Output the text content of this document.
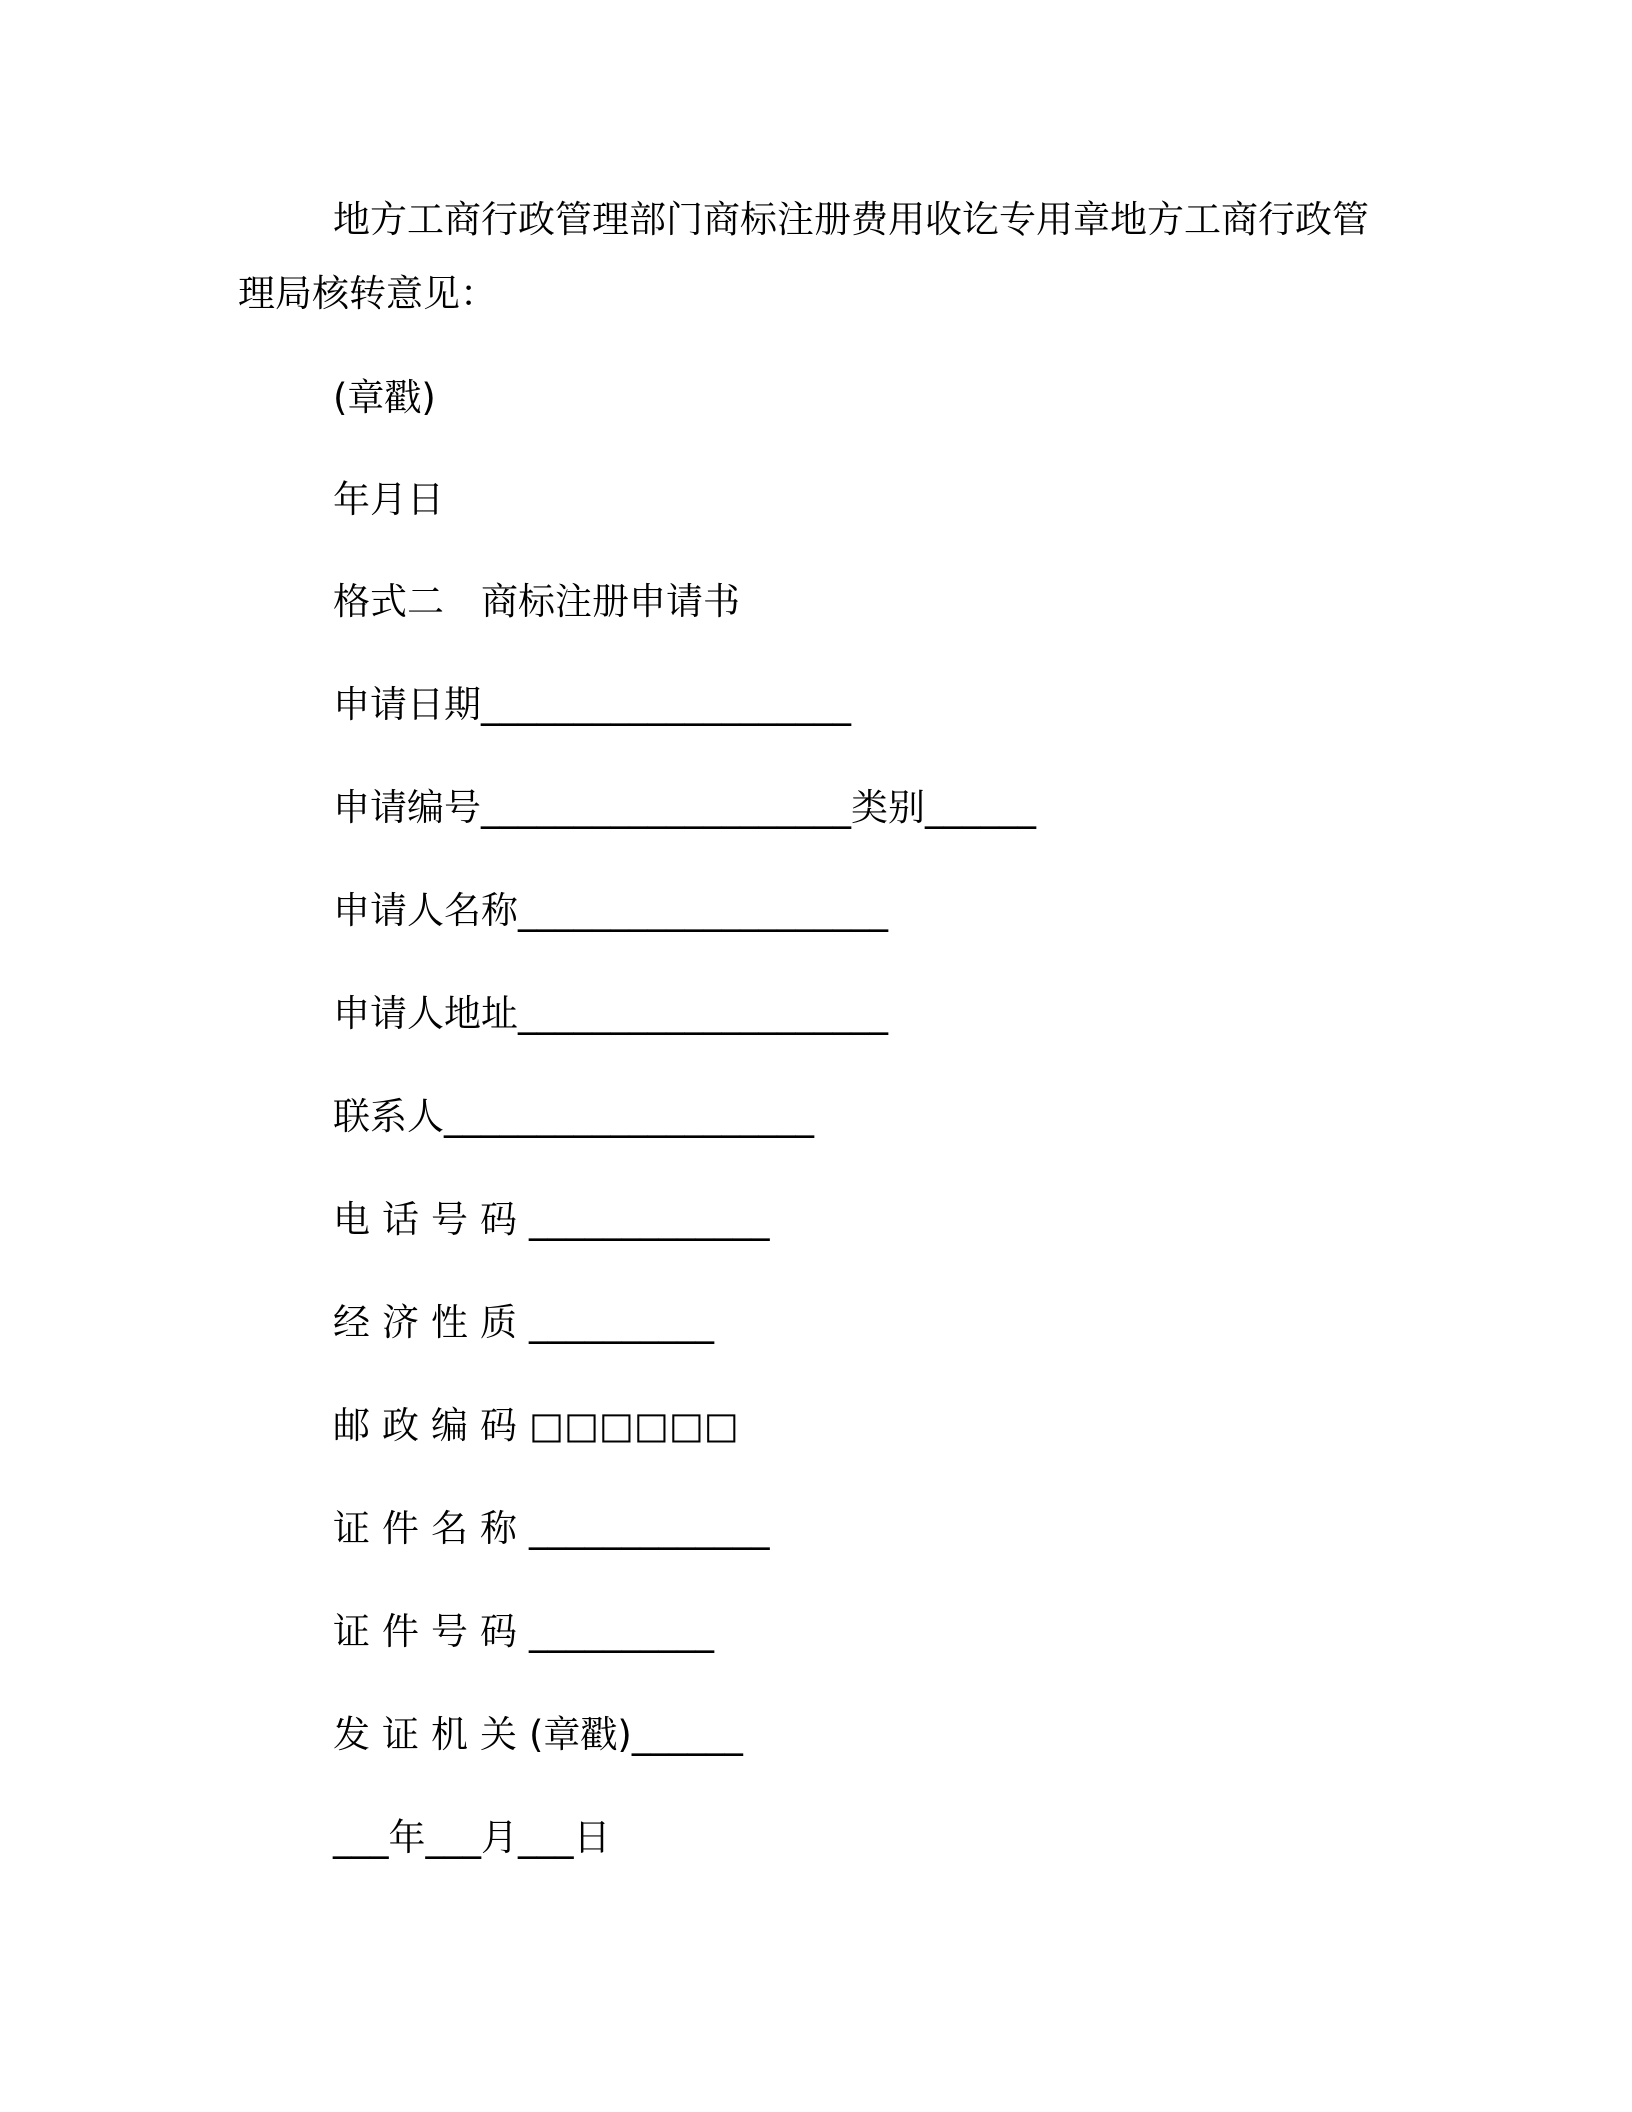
地方工商行政管理部门商标注册费用收讫专用章地方工商行政管
理局核转意见：
(章戳)
年月日
格式二　商标注册申请书
申请日期____________________
申请编号____________________类别______
申请人名称____________________
申请人地址____________________
联系人____________________
电话号码_____________
经济性质__________
邮政编码□□□□□□
证件名称_____________
证件号码__________
发证机关(章戳)______
___年___月___日
